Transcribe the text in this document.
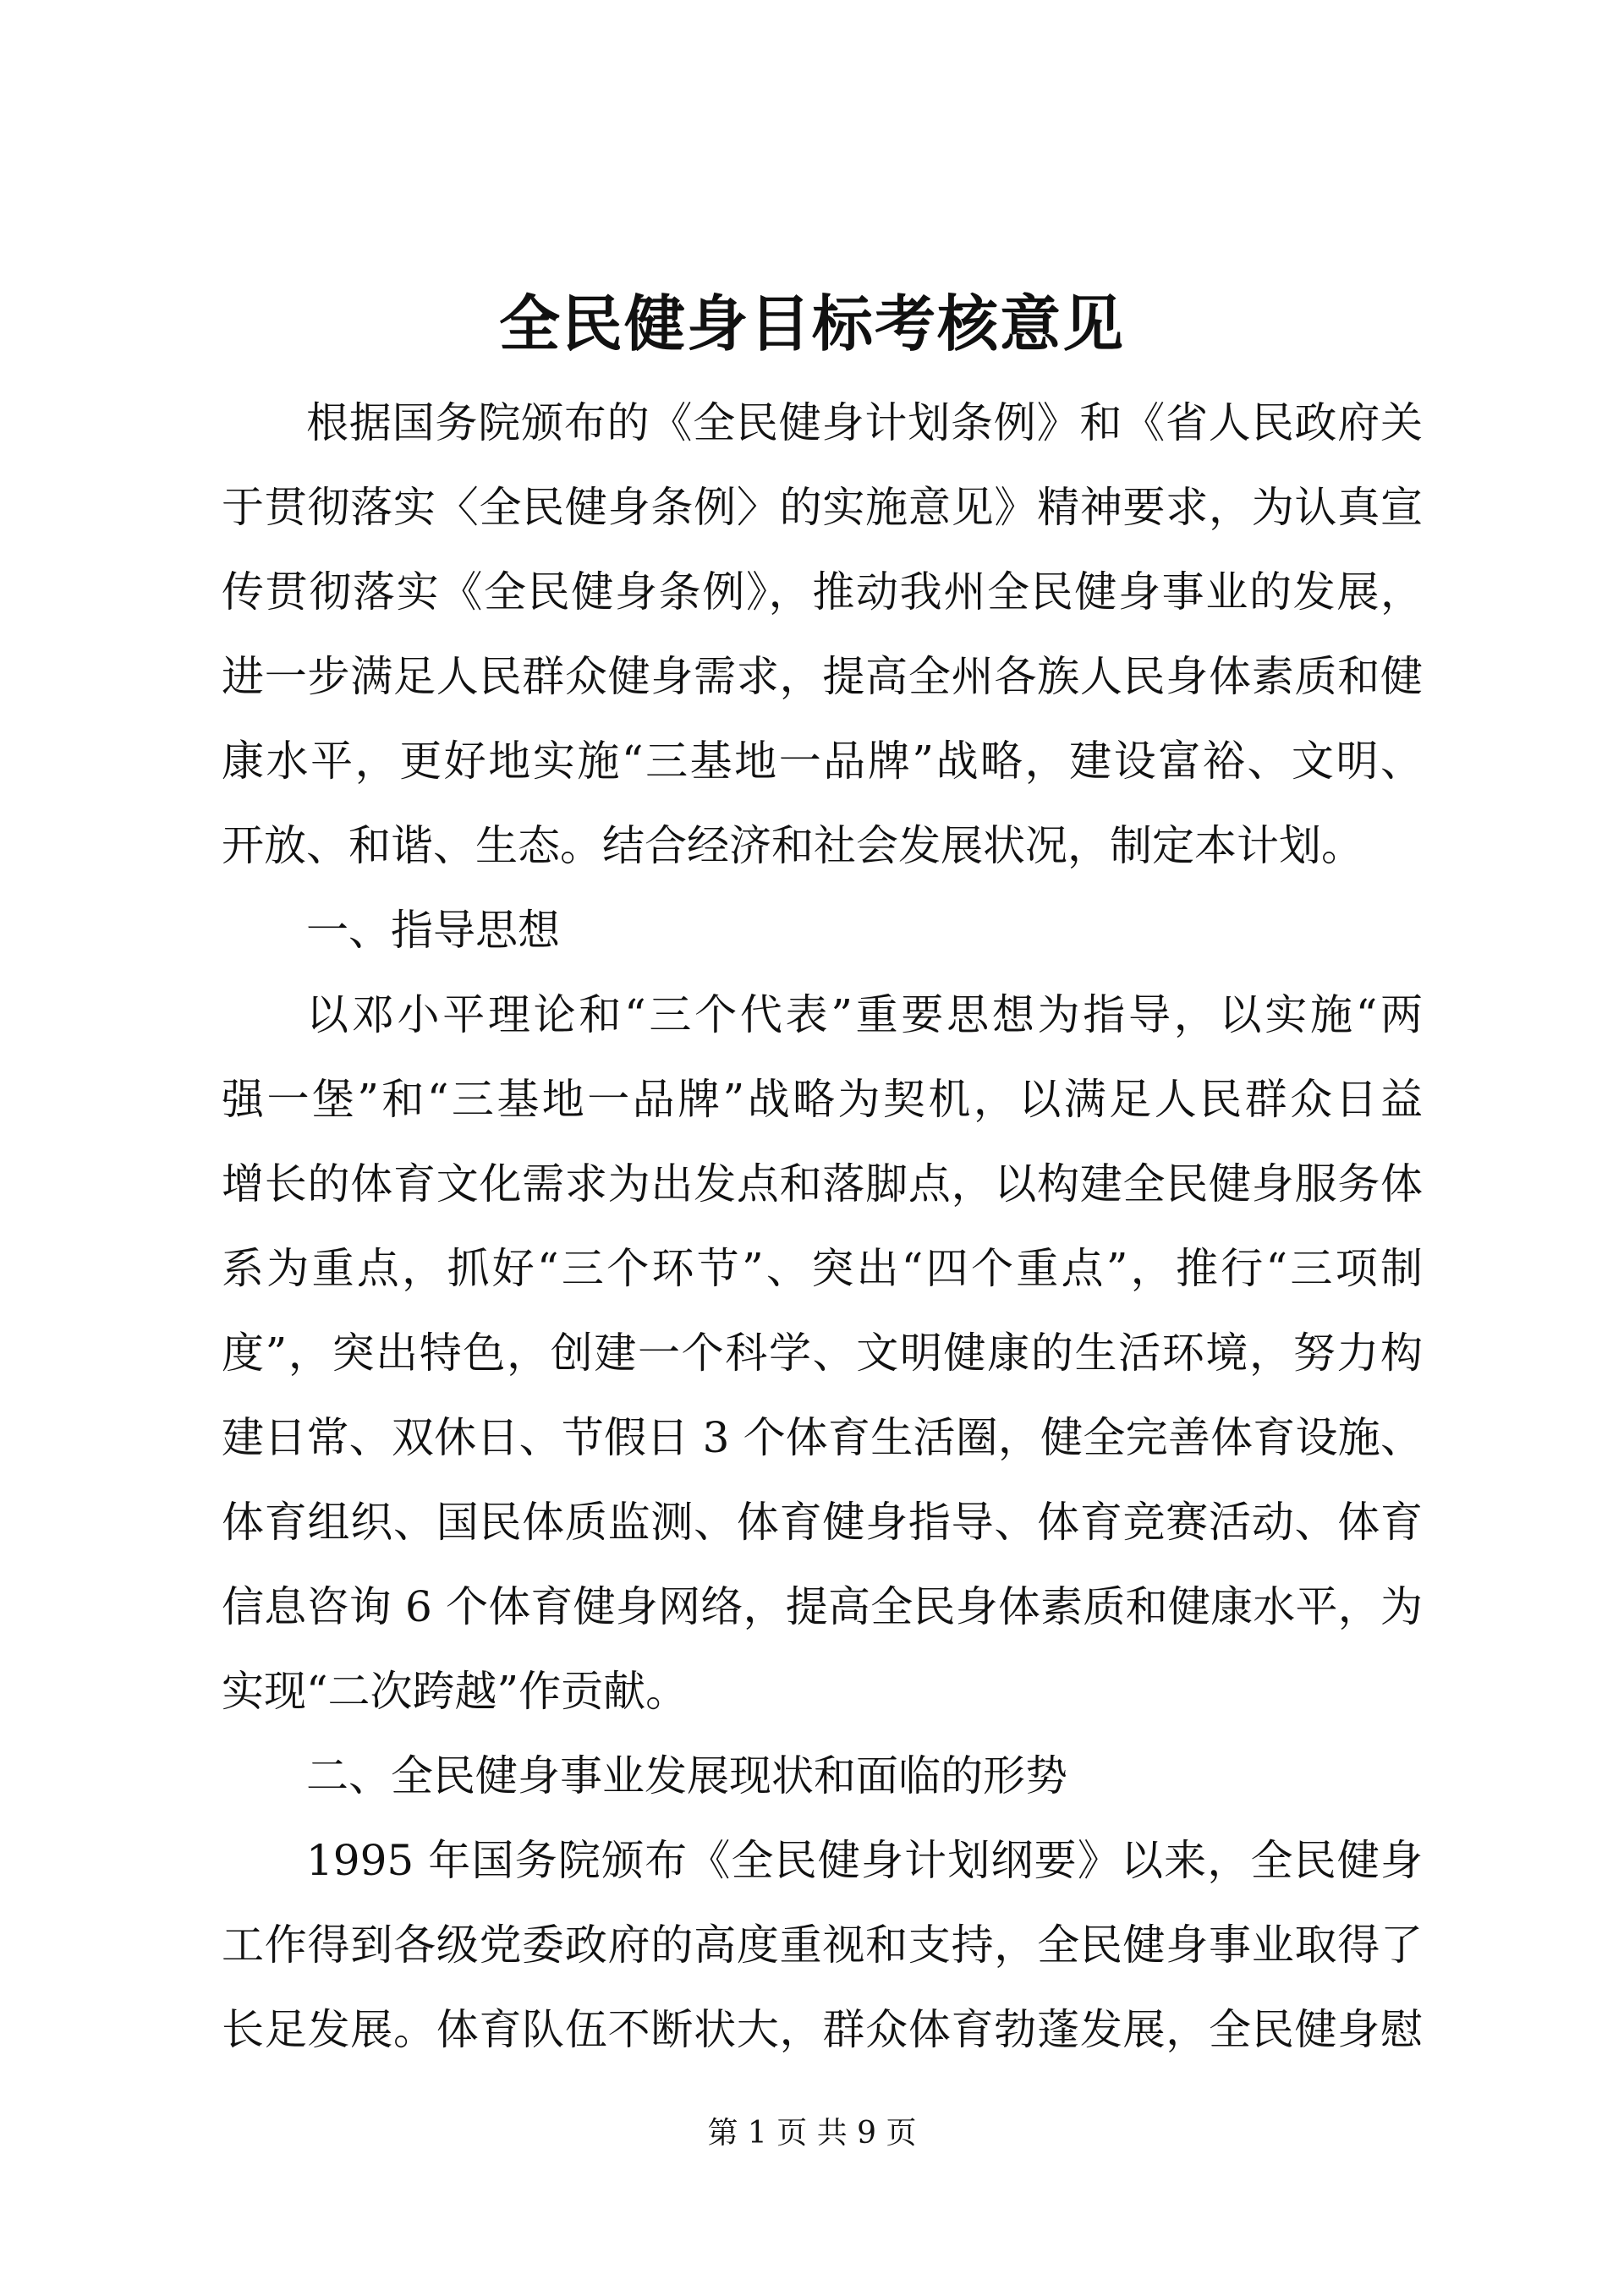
全民健身目标考核意见
根据国务院颁布的《全民健身计划条例》和《省人民政府关
于贯彻落实〈全民健身条例〉的实施意见》精神要求，为认真宣
传贯彻落实《全民健身条例》，推动我州全民健身事业的发展，
进一步满足人民群众健身需求，提高全州各族人民身体素质和健
康水平，更好地实施“三基地一品牌”战略，建设富裕、文明、
开放、和谐、生态。结合经济和社会发展状况，制定本计划。
一、指导思想
以邓小平理论和“三个代表”重要思想为指导，以实施“两
强一堡”和“三基地一品牌”战略为契机，以满足人民群众日益
增长的体育文化需求为出发点和落脚点，以构建全民健身服务体
系为重点，抓好“三个环节”、突出“四个重点”，推行“三项制
度”，突出特色，创建一个科学、文明健康的生活环境，努力构
建日常、双休日、节假日 3 个体育生活圈，健全完善体育设施、
体育组织、国民体质监测、体育健身指导、体育竞赛活动、体育
信息咨询 6 个体育健身网络，提高全民身体素质和健康水平，为
实现“二次跨越”作贡献。
二、全民健身事业发展现状和面临的形势
1995 年国务院颁布《全民健身计划纲要》以来，全民健身
工作得到各级党委政府的高度重视和支持，全民健身事业取得了
长足发展。体育队伍不断状大，群众体育勃蓬发展，全民健身慰
第 1 页 共 9 页
